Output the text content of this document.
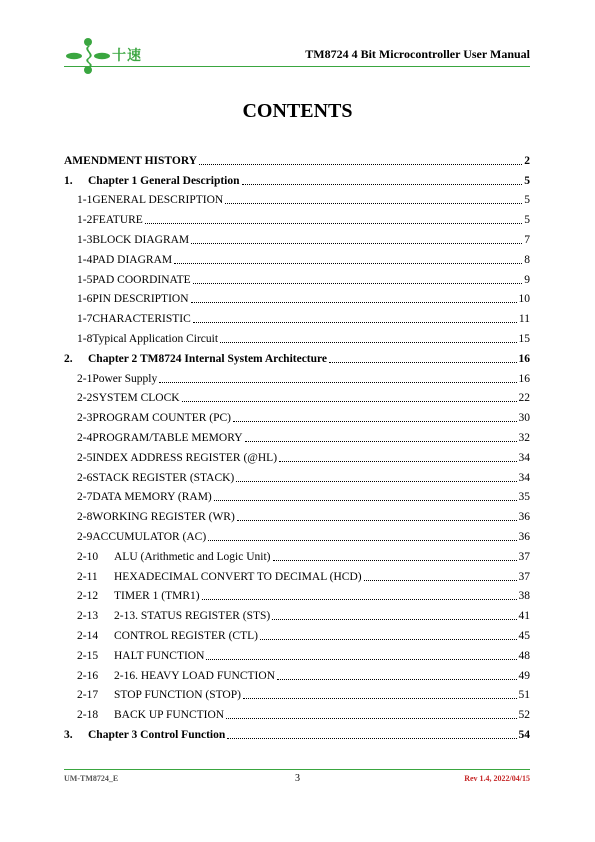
十速	TM8724 4 Bit Microcontroller User Manual
CONTENTS
AMENDMENT HISTORY	2
1.	Chapter 1 General Description	5
1-1 GENERAL DESCRIPTION	5
1-2 FEATURE	5
1-3 BLOCK DIAGRAM	7
1-4 PAD DIAGRAM	8
1-5 PAD COORDINATE	9
1-6 PIN DESCRIPTION	10
1-7 CHARACTERISTIC	11
1-8 Typical Application Circuit	15
2.	Chapter 2 TM8724 Internal System Architecture	16
2-1 Power Supply	16
2-2 SYSTEM CLOCK	22
2-3 PROGRAM COUNTER (PC)	30
2-4 PROGRAM/TABLE MEMORY	32
2-5 INDEX ADDRESS REGISTER (@HL)	34
2-6 STACK REGISTER (STACK)	34
2-7 DATA MEMORY (RAM)	35
2-8 WORKING REGISTER (WR)	36
2-9 ACCUMULATOR (AC)	36
2-10	ALU (Arithmetic and Logic Unit)	37
2-11	HEXADECIMAL CONVERT TO DECIMAL (HCD)	37
2-12	TIMER 1 (TMR1)	38
2-13	2-13. STATUS REGISTER (STS)	41
2-14	CONTROL REGISTER (CTL)	45
2-15	HALT FUNCTION	48
2-16	2-16. HEAVY LOAD FUNCTION	49
2-17	STOP FUNCTION (STOP)	51
2-18	BACK UP FUNCTION	52
3.	Chapter 3 Control Function	54
UM-TM8724_E	3	Rev 1.4, 2022/04/15
